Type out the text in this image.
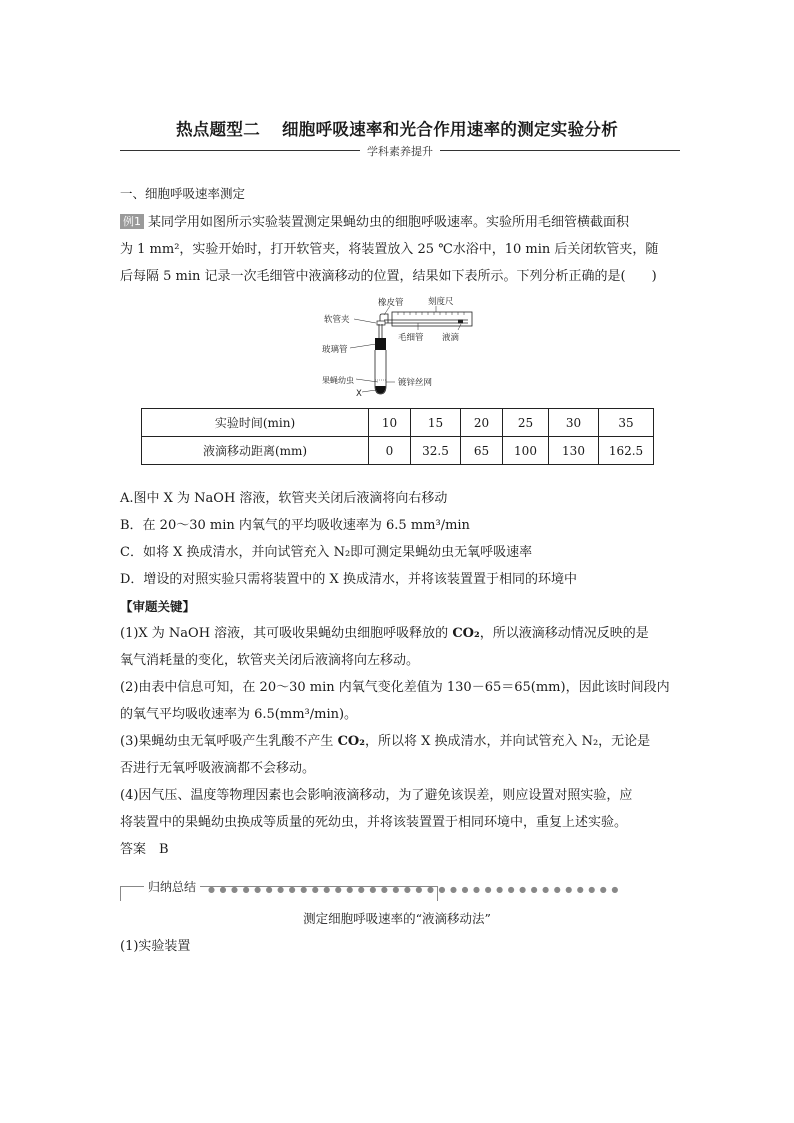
热点题型二 细胞呼吸速率和光合作用速率的测定实验分析
学科素养提升
一、细胞呼吸速率测定
例1 某同学用如图所示实验装置测定果蝇幼虫的细胞呼吸速率。实验所用毛细管横截面积
为 1 mm²，实验开始时，打开软管夹，将装置放入 25 ℃水浴中，10 min 后关闭软管夹，随
后每隔 5 min 记录一次毛细管中液滴移动的位置，结果如下表所示。下列分析正确的是(　　)
橡皮管	刻度尺
软管夹
毛细管 液滴
玻璃管
果蝇幼虫	镀锌丝网
X
实验时间(min)	10	15	20	25	30	35
液滴移动距离(mm)	0	32.5	65	100	130	162.5
A.图中 X 为 NaOH 溶液，软管夹关闭后液滴将向右移动
B．在 20～30 min 内氧气的平均吸收速率为 6.5 mm³/min
C．如将 X 换成清水，并向试管充入 N₂即可测定果蝇幼虫无氧呼吸速率
D．增设的对照实验只需将装置中的 X 换成清水，并将该装置置于相同的环境中
【审题关键】
(1)X 为 NaOH 溶液，其可吸收果蝇幼虫细胞呼吸释放的 CO₂，所以液滴移动情况反映的是
氧气消耗量的变化，软管夹关闭后液滴将向左移动。
(2)由表中信息可知，在 20～30 min 内氧气变化差值为 130－65＝65(mm)，因此该时间段内
的氧气平均吸收速率为 6.5(mm³/min)。
(3)果蝇幼虫无氧呼吸产生乳酸不产生 CO₂，所以将 X 换成清水，并向试管充入 N₂，无论是
否进行无氧呼吸液滴都不会移动。
(4)因气压、温度等物理因素也会影响液滴移动，为了避免该误差，则应设置对照实验，应
将装置中的果蝇幼虫换成等质量的死幼虫，并将该装置置于相同环境中，重复上述实验。
答案　B
归纳总结	● ● ● ● ● ● ● ● ● ● ● ● ● ● ● ● ● ● ● ● ● ● ● ● ● ● ● ● ● ● ● ● ● ● ● ●
测定细胞呼吸速率的“液滴移动法”
(1)实验装置
